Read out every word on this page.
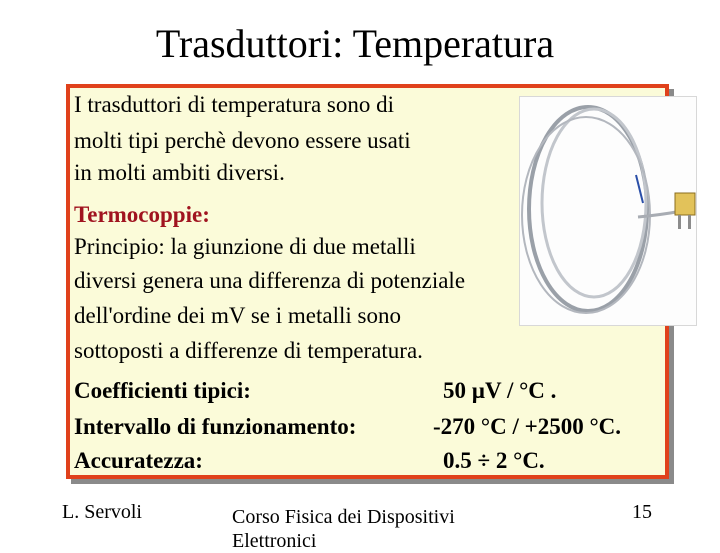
Trasduttori: Temperatura
I trasduttori di temperatura sono di
molti tipi perchè devono essere usati
in molti ambiti diversi.
Termocoppie:
Principio: la giunzione di due metalli
diversi genera una differenza di potenziale
dell'ordine dei mV se i metalli sono
sottoposti a differenze di temperatura.
Coefficienti tipici:	50 µV / °C .
Intervallo di funzionamento:	-270 °C / +2500 °C.
Accuratezza:	0.5 ÷ 2 °C.
L. Servoli	Corso Fisica dei Dispositivi
Elettronici
15
